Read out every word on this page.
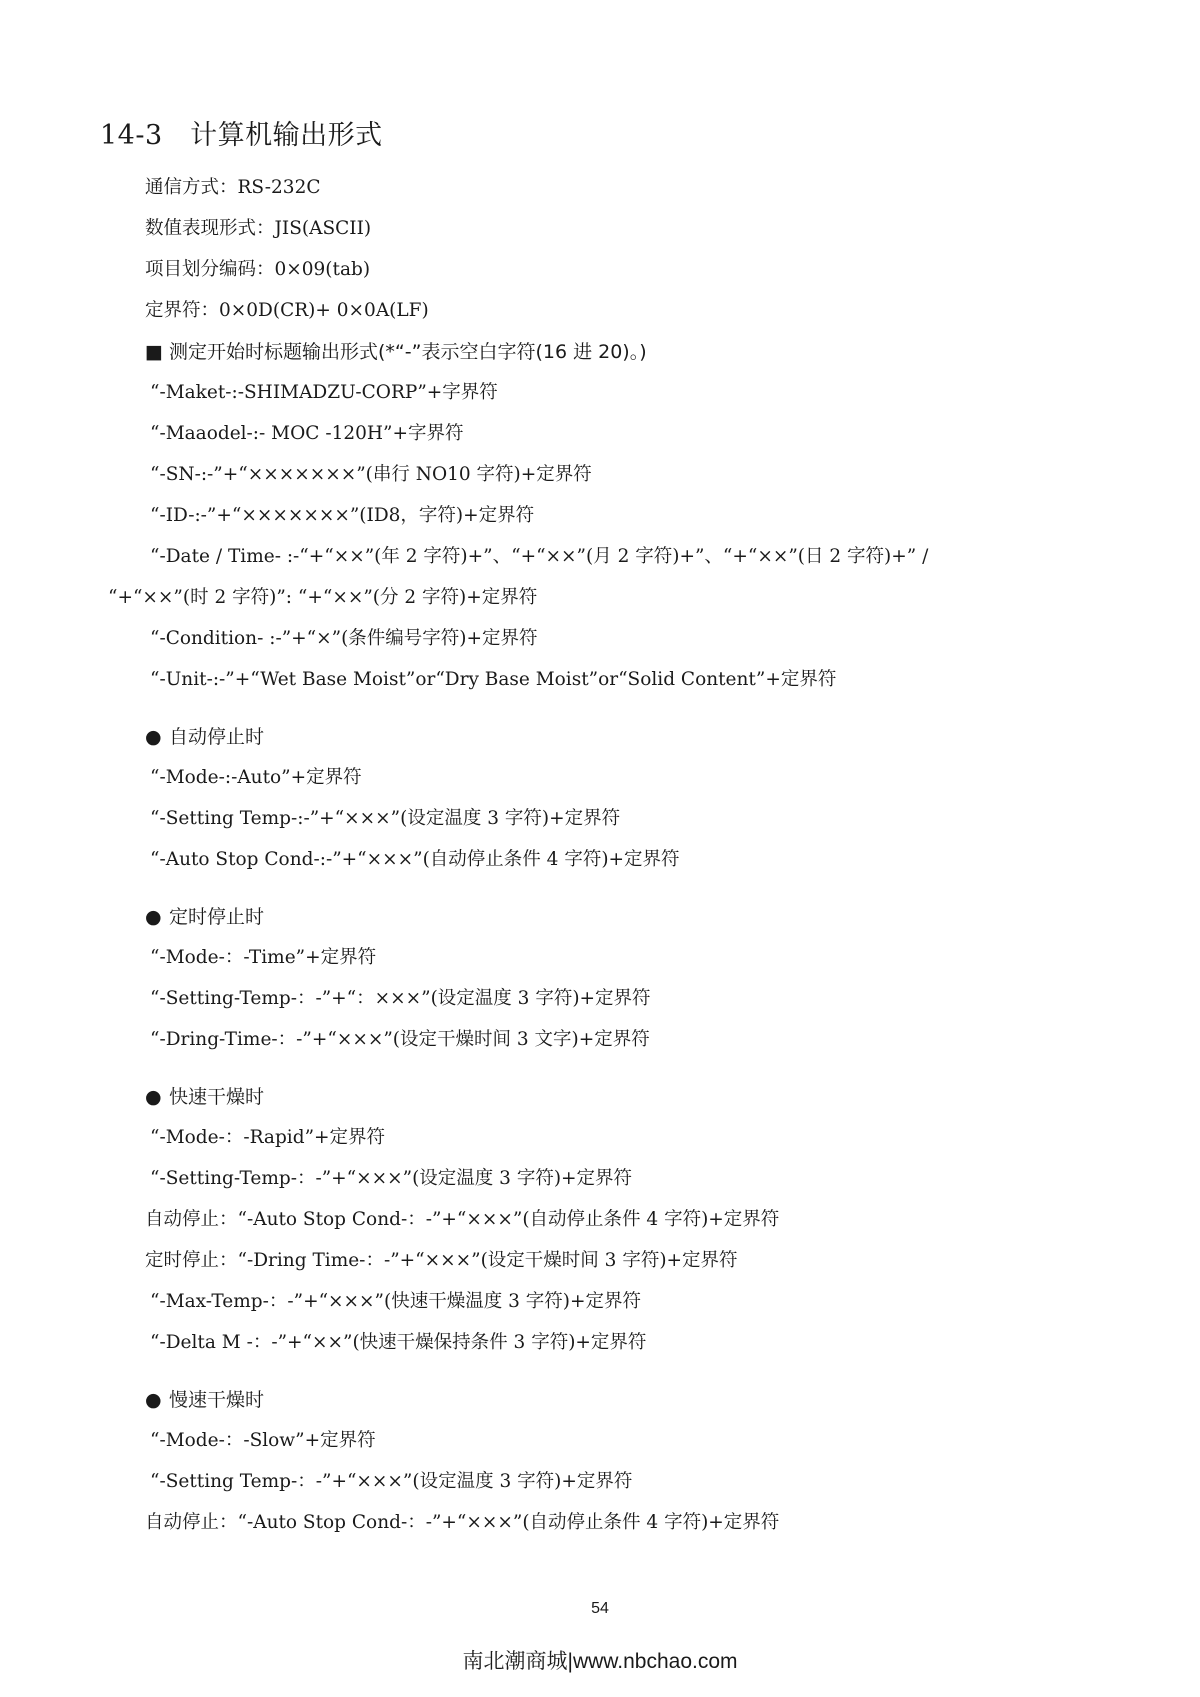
14-3　计算机输出形式

通信方式：RS-232C

数值表现形式：JIS(ASCII)

项目划分编码：0×09(tab)

定界符：0×0D(CR)+ 0×0A(LF)

■ 测定开始时标题输出形式(*“-”表示空白字符(16 进 20)。)

“-Maket-:-SHIMADZU-CORP”+字界符

“-Maaodel-:- MOC -120H”+字界符

“-SN-:-”+“×××××××”(串行 NO10 字符)+定界符

“-ID-:-”+“×××××××”(ID8，字符)+定界符

“-Date / Time- :-“+“××”(年 2 字符)+”、“+“××”(月 2 字符)+”、“+“××”(日 2 字符)+” /

“+“××”(时 2 字符)”: “+“××”(分 2 字符)+定界符

“-Condition- :-”+“×”(条件编号字符)+定界符

“-Unit-:-”+“Wet Base Moist”or“Dry Base Moist”or“Solid Content”+定界符

● 自动停止时

“-Mode-:-Auto”+定界符

“-Setting Temp-:-”+“×××”(设定温度 3 字符)+定界符

“-Auto Stop Cond-:-”+“×××”(自动停止条件 4 字符)+定界符

● 定时停止时

“-Mode-：-Time”+定界符

“-Setting-Temp-：-”+“：×××”(设定温度 3 字符)+定界符

“-Dring-Time-：-”+“×××”(设定干燥时间 3 文字)+定界符

● 快速干燥时

“-Mode-：-Rapid”+定界符

“-Setting-Temp-：-”+“×××”(设定温度 3 字符)+定界符

自动停止：“-Auto Stop Cond-：-”+“×××”(自动停止条件 4 字符)+定界符

定时停止：“-Dring Time-：-”+“×××”(设定干燥时间 3 字符)+定界符

“-Max-Temp-：-”+“×××”(快速干燥温度 3 字符)+定界符

“-Delta M -：-”+“××”(快速干燥保持条件 3 字符)+定界符

● 慢速干燥时

“-Mode-：-Slow”+定界符

“-Setting Temp-：-”+“×××”(设定温度 3 字符)+定界符

自动停止：“-Auto Stop Cond-：-”+“×××”(自动停止条件 4 字符)+定界符

54
南北潮商城|www.nbchao.com
